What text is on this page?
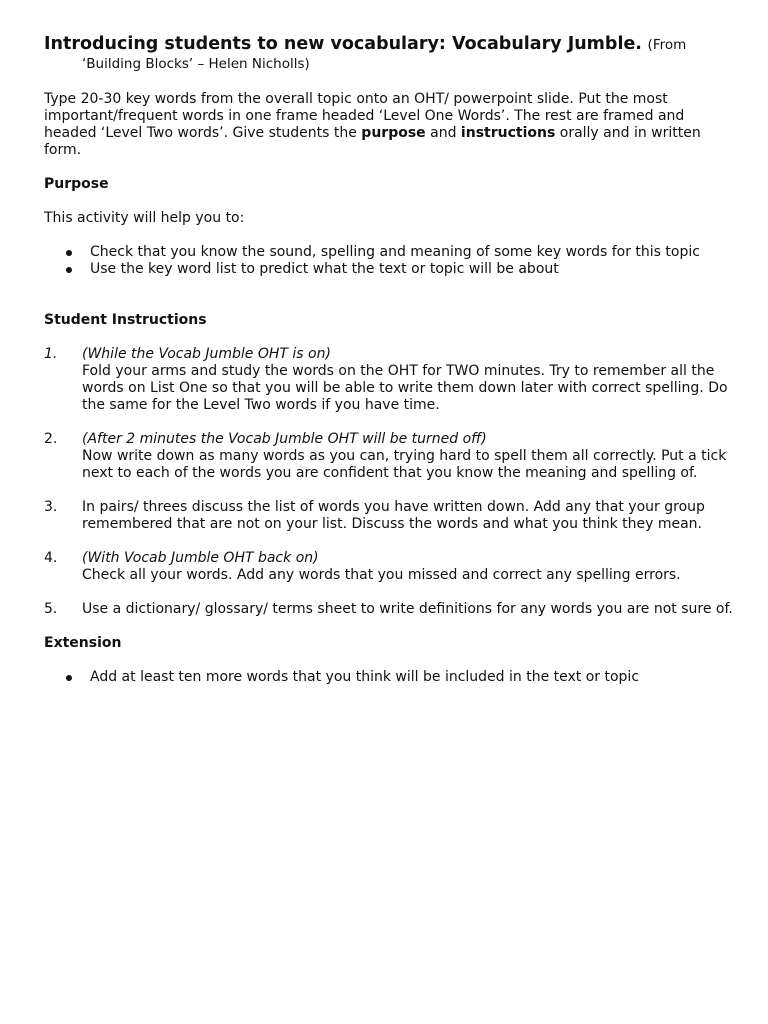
Introducing students to new vocabulary: Vocabulary Jumble. (From
‘Building Blocks’ – Helen Nicholls)

Type 20-30 key words from the overall topic onto an OHT/ powerpoint slide. Put the most important/frequent words in one frame headed ‘Level One Words’. The rest are framed and headed ‘Level Two words’. Give students the purpose and instructions orally and in written form.

Purpose
This activity will help you to:
Check that you know the sound, spelling and meaning of some key words for this topic
Use the key word list to predict what the text or topic will be about
Student Instructions
1. (While the Vocab Jumble OHT is on)
Fold your arms and study the words on the OHT for TWO minutes. Try to remember all the words on List One so that you will be able to write them down later with correct spelling. Do the same for the Level Two words if you have time.
2. (After 2 minutes the Vocab Jumble OHT will be turned off)
Now write down as many words as you can, trying hard to spell them all correctly. Put a tick next to each of the words you are confident that you know the meaning and spelling of.
3. In pairs/ threes discuss the list of words you have written down. Add any that your group remembered that are not on your list. Discuss the words and what you think they mean.
4. (With Vocab Jumble OHT back on)
Check all your words. Add any words that you missed and correct any spelling errors.
5. Use a dictionary/ glossary/ terms sheet to write definitions for any words you are not sure of.
Extension
Add at least ten more words that you think will be included in the text or topic
